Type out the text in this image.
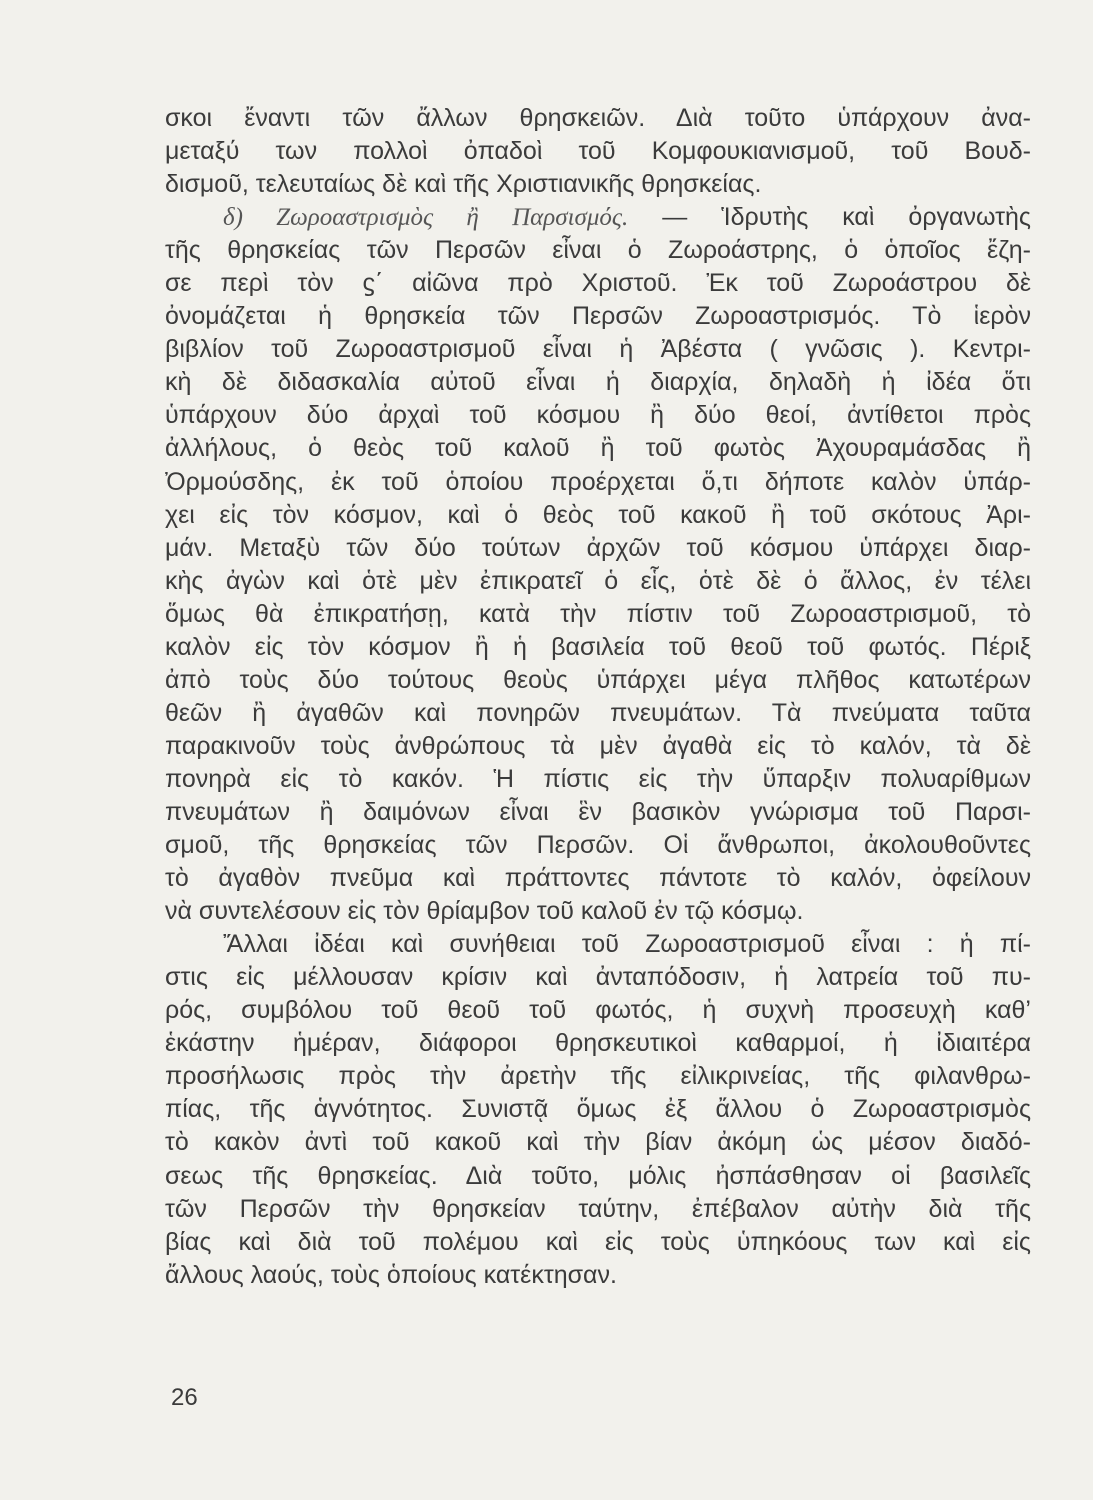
σκοι ἔναντι τῶν ἄλλων θρησκειῶν. Διὰ τοῦτο ὑπάρχουν ἀνα-
μεταξύ των πολλοὶ ὀπαδοὶ τοῦ Κομφουκιανισμοῦ, τοῦ Βουδ-
δισμοῦ, τελευταίως δὲ καὶ τῆς Χριστιανικῆς θρησκείας.
δ) Ζωροαστρισμὸς ἢ Παρσισμός. — Ἱδρυτὴς καὶ ὀργανωτὴς
τῆς θρησκείας τῶν Περσῶν εἶναι ὁ Ζωροάστρης, ὁ ὁποῖος ἔζη-
σε περὶ τὸν ϛ΄ αἰῶνα πρὸ Χριστοῦ. Ἐκ τοῦ Ζωροάστρου δὲ
ὀνομάζεται ἡ θρησκεία τῶν Περσῶν Ζωροαστρισμός. Τὸ ἱερὸν
βιβλίον τοῦ Ζωροαστρισμοῦ εἶναι ἡ Ἀβέστα ( γνῶσις ). Κεντρι-
κὴ δὲ διδασκαλία αὐτοῦ εἶναι ἡ διαρχία, δηλαδὴ ἡ ἰδέα ὅτι
ὑπάρχουν δύο ἀρχαὶ τοῦ κόσμου ἢ δύο θεοί, ἀντίθετοι πρὸς
ἀλλήλους, ὁ θεὸς τοῦ καλοῦ ἢ τοῦ φωτὸς Ἀχουραμάσδας ἢ
Ὀρμούσδης, ἐκ τοῦ ὁποίου προέρχεται ὅ,τι δήποτε καλὸν ὑπάρ-
χει εἰς τὸν κόσμον, καὶ ὁ θεὸς τοῦ κακοῦ ἢ τοῦ σκότους Ἀρι-
μάν. Μεταξὺ τῶν δύο τούτων ἀρχῶν τοῦ κόσμου ὑπάρχει διαρ-
κὴς ἀγὼν καὶ ὁτὲ μὲν ἐπικρατεῖ ὁ εἷς, ὁτὲ δὲ ὁ ἄλλος, ἐν τέλει
ὅμως θὰ ἐπικρατήσῃ, κατὰ τὴν πίστιν τοῦ Ζωροαστρισμοῦ, τὸ
καλὸν εἰς τὸν κόσμον ἢ ἡ βασιλεία τοῦ θεοῦ τοῦ φωτός. Πέριξ
ἀπὸ τοὺς δύο τούτους θεοὺς ὑπάρχει μέγα πλῆθος κατωτέρων
θεῶν ἢ ἀγαθῶν καὶ πονηρῶν πνευμάτων. Τὰ πνεύματα ταῦτα
παρακινοῦν τοὺς ἀνθρώπους τὰ μὲν ἀγαθὰ εἰς τὸ καλόν, τὰ δὲ
πονηρὰ εἰς τὸ κακόν. Ἡ πίστις εἰς τὴν ὕπαρξιν πολυαρίθμων
πνευμάτων ἢ δαιμόνων εἶναι ἓν βασικὸν γνώρισμα τοῦ Παρσι-
σμοῦ, τῆς θρησκείας τῶν Περσῶν. Οἱ ἄνθρωποι, ἀκολουθοῦντες
τὸ ἀγαθὸν πνεῦμα καὶ πράττοντες πάντοτε τὸ καλόν, ὀφείλουν
νὰ συντελέσουν εἰς τὸν θρίαμβον τοῦ καλοῦ ἐν τῷ κόσμῳ.
Ἄλλαι ἰδέαι καὶ συνήθειαι τοῦ Ζωροαστρισμοῦ εἶναι : ἡ πί-
στις εἰς μέλλουσαν κρίσιν καὶ ἀνταπόδοσιν, ἡ λατρεία τοῦ πυ-
ρός, συμβόλου τοῦ θεοῦ τοῦ φωτός, ἡ συχνὴ προσευχὴ καθ’
ἑκάστην ἡμέραν, διάφοροι θρησκευτικοὶ καθαρμοί, ἡ ἰδιαιτέρα
προσήλωσις πρὸς τὴν ἀρετὴν τῆς εἰλικρινείας, τῆς φιλανθρω-
πίας, τῆς ἁγνότητος. Συνιστᾷ ὅμως ἐξ ἄλλου ὁ Ζωροαστρισμὸς
τὸ κακὸν ἀντὶ τοῦ κακοῦ καὶ τὴν βίαν ἀκόμη ὡς μέσον διαδό-
σεως τῆς θρησκείας. Διὰ τοῦτο, μόλις ἠσπάσθησαν οἱ βασιλεῖς
τῶν Περσῶν τὴν θρησκείαν ταύτην, ἐπέβαλον αὐτὴν διὰ τῆς
βίας καὶ διὰ τοῦ πολέμου καὶ εἰς τοὺς ὑπηκόους των καὶ εἰς
ἄλλους λαούς, τοὺς ὁποίους κατέκτησαν.
26
